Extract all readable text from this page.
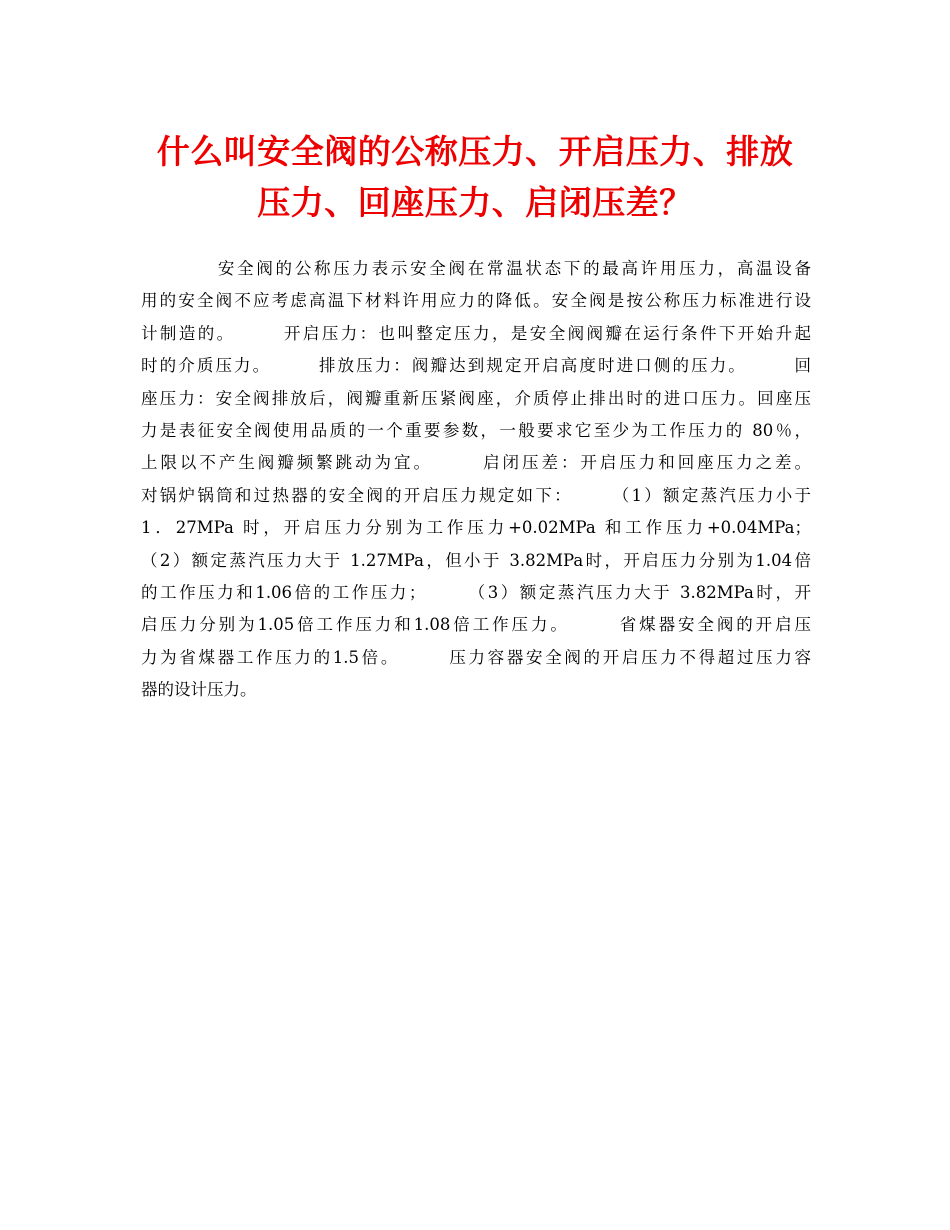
什么叫安全阀的公称压力、开启压力、排放
压力、回座压力、启闭压差？
　　　　安全阀的公称压力表示安全阀在常温状态下的最高许用压力，高温设备
用的安全阀不应考虑高温下材料许用应力的降低。安全阀是按公称压力标准进行设
计制造的。　　　开启压力：也叫整定压力，是安全阀阀瓣在运行条件下开始升起
时的介质压力。　　　排放压力：阀瓣达到规定开启高度时进口侧的压力。　　　回
座压力：安全阀排放后，阀瓣重新压紧阀座，介质停止排出时的进口压力。回座压
力是表征安全阀使用品质的一个重要参数，一般要求它至少为工作压力的 80％，
上限以不产生阀瓣频繁跳动为宜。　　　启闭压差：开启压力和回座压力之差。
对锅炉锅筒和过热器的安全阀的开启压力规定如下：　　　（1）额定蒸汽压力小于
1．27MPa 时，开启压力分别为工作压力+0.02MPa 和工作压力+0.04MPa；
（2）额定蒸汽压力大于 1.27MPa，但小于 3.82MPa时，开启压力分别为1.04倍
的工作压力和1.06倍的工作压力；　　　（3）额定蒸汽压力大于 3.82MPa时，开
启压力分别为1.05倍工作压力和1.08倍工作压力。　　　省煤器安全阀的开启压
力为省煤器工作压力的1.5倍。　　　压力容器安全阀的开启压力不得超过压力容
器的设计压力。
